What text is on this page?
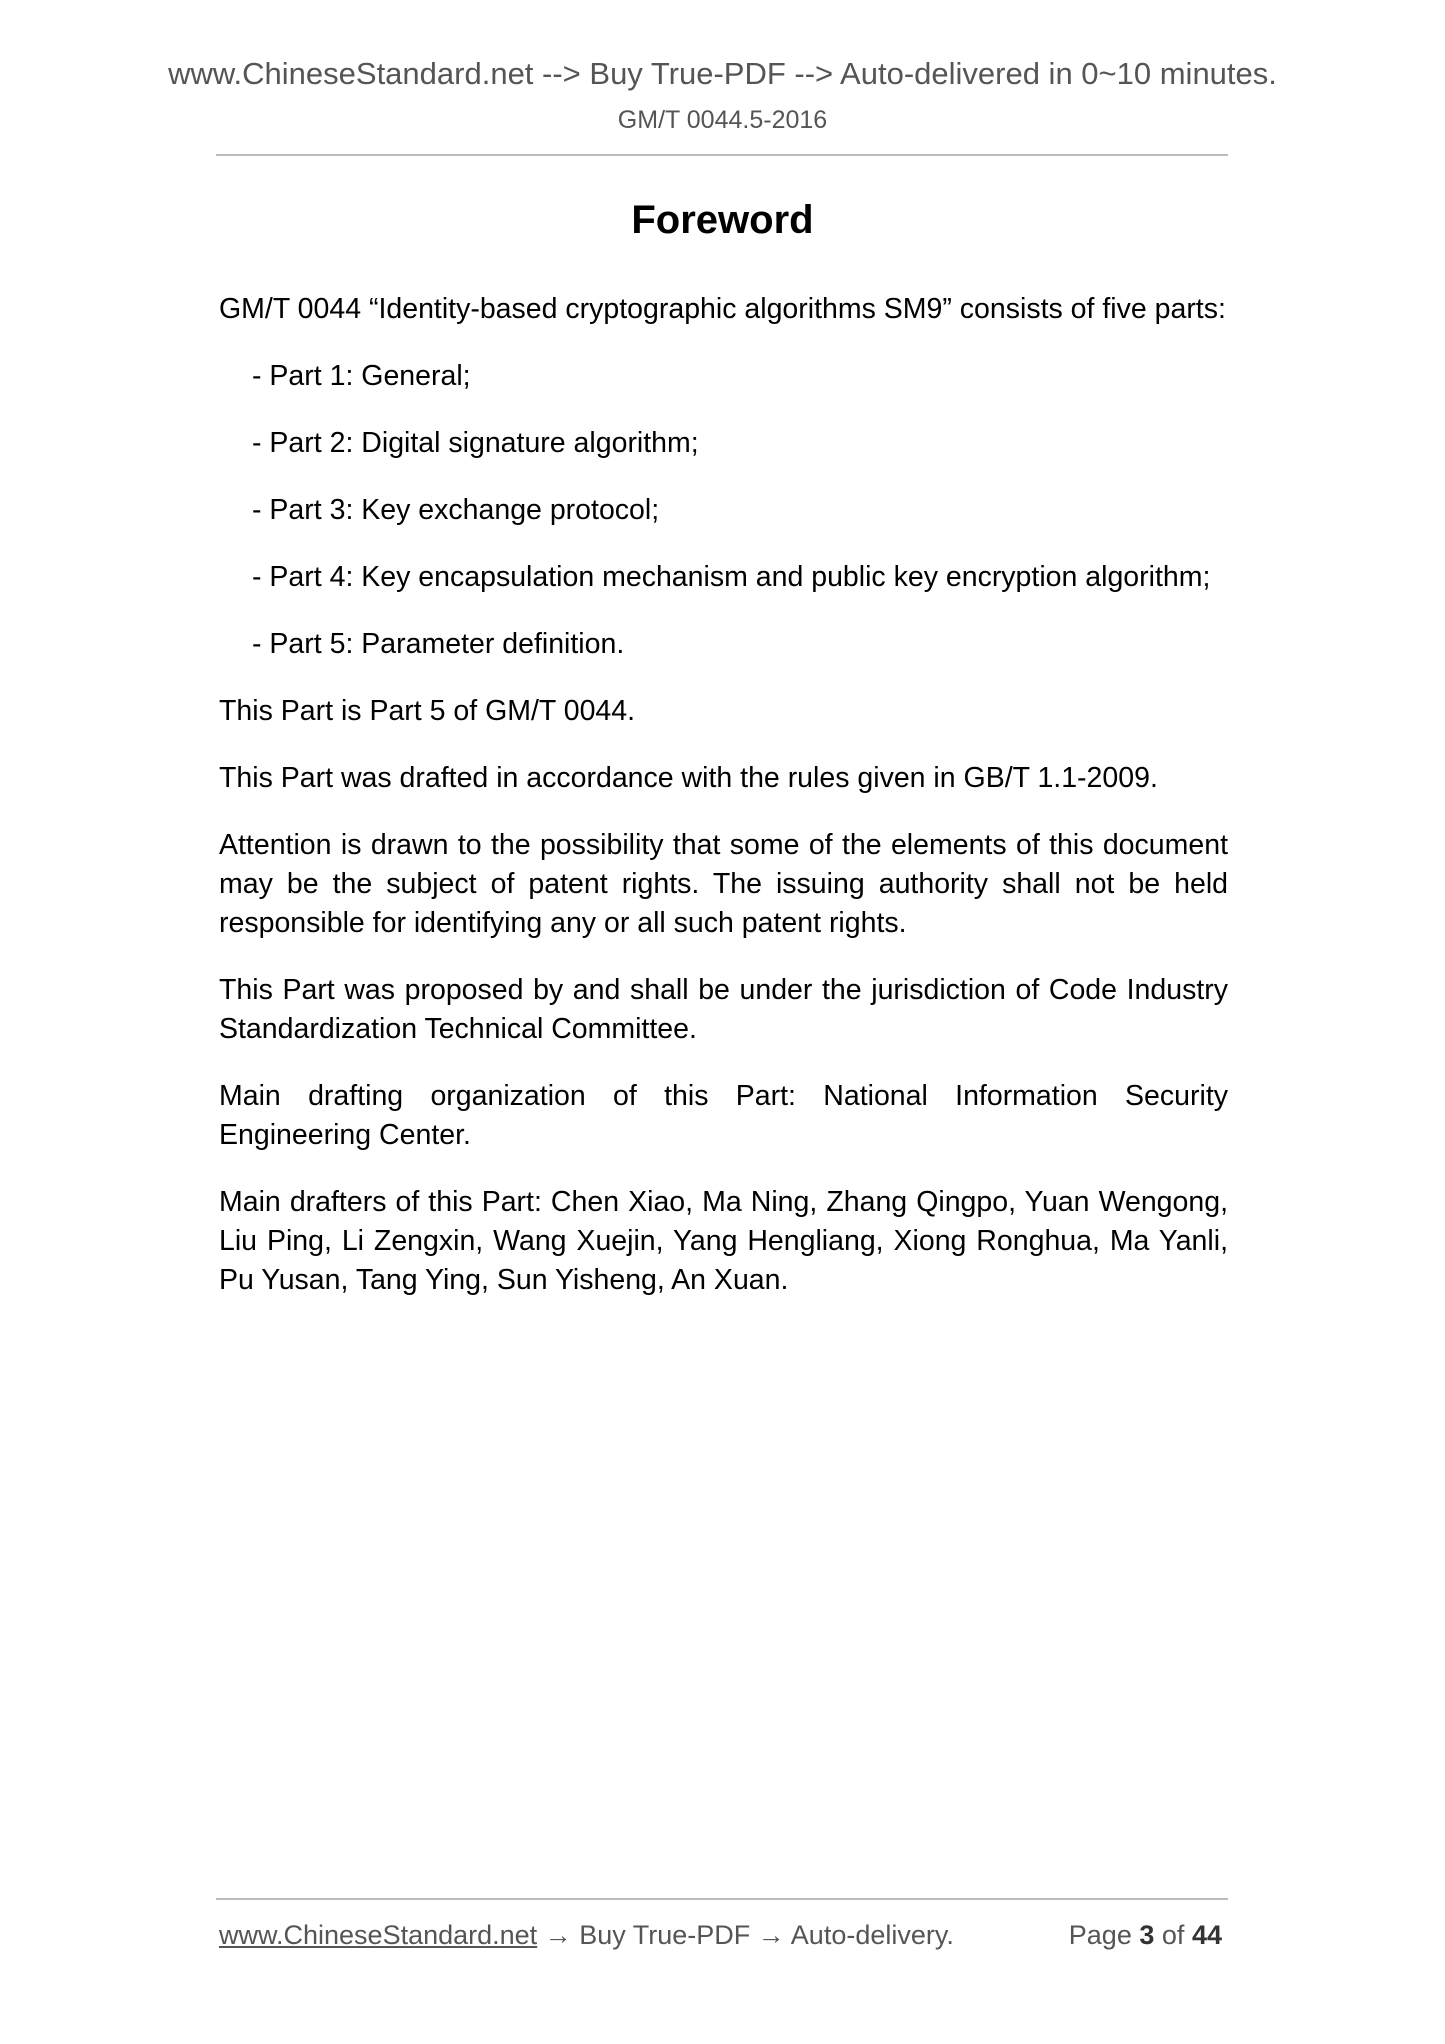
www.ChineseStandard.net --> Buy True-PDF --> Auto-delivered in 0~10 minutes.
GM/T 0044.5-2016
Foreword

GM/T 0044 “Identity-based cryptographic algorithms SM9” consists of five parts:

- Part 1: General;

- Part 2: Digital signature algorithm;

- Part 3: Key exchange protocol;

- Part 4: Key encapsulation mechanism and public key encryption algorithm;

- Part 5: Parameter definition.

This Part is Part 5 of GM/T 0044.

This Part was drafted in accordance with the rules given in GB/T 1.1-2009.

Attention is drawn to the possibility that some of the elements of this document may be the subject of patent rights. The issuing authority shall not be held responsible for identifying any or all such patent rights.

This Part was proposed by and shall be under the jurisdiction of Code Industry Standardization Technical Committee.

Main drafting organization of this Part: National Information Security Engineering Center.

Main drafters of this Part: Chen Xiao, Ma Ning, Zhang Qingpo, Yuan Wengong, Liu Ping, Li Zengxin, Wang Xuejin, Yang Hengliang, Xiong Ronghua, Ma Yanli, Pu Yusan, Tang Ying, Sun Yisheng, An Xuan.

www.ChineseStandard.net → Buy True-PDF → Auto-delivery.	Page 3 of 44
